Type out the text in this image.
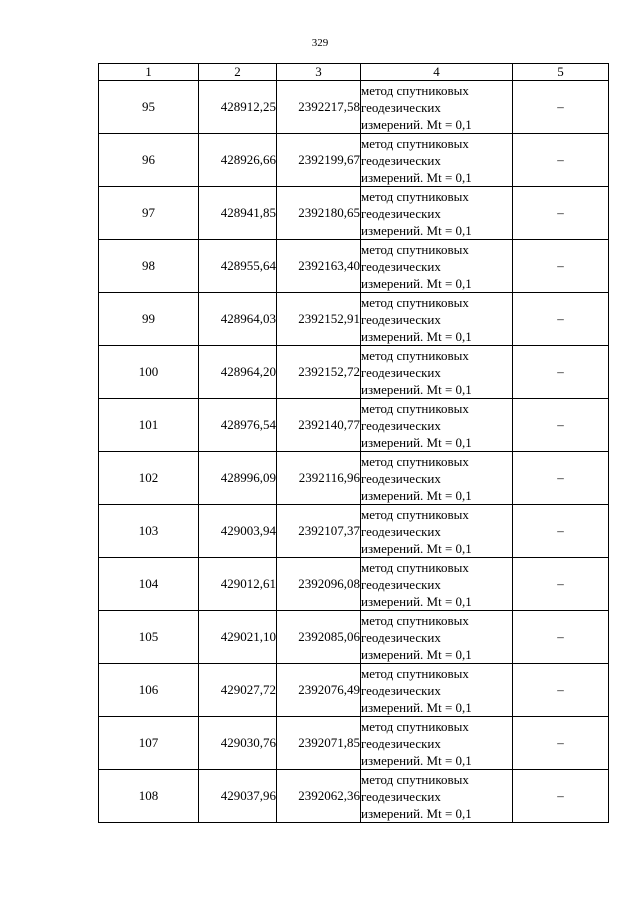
329
1	2	3	4	5
95	428912,25	2392217,58	метод спутниковых
геодезических
измерений. Mt = 0,1	–
96	428926,66	2392199,67	метод спутниковых
геодезических
измерений. Mt = 0,1	–
97	428941,85	2392180,65	метод спутниковых
геодезических
измерений. Mt = 0,1	–
98	428955,64	2392163,40	метод спутниковых
геодезических
измерений. Mt = 0,1	–
99	428964,03	2392152,91	метод спутниковых
геодезических
измерений. Mt = 0,1	–
100	428964,20	2392152,72	метод спутниковых
геодезических
измерений. Mt = 0,1	–
101	428976,54	2392140,77	метод спутниковых
геодезических
измерений. Mt = 0,1	–
102	428996,09	2392116,96	метод спутниковых
геодезических
измерений. Mt = 0,1	–
103	429003,94	2392107,37	метод спутниковых
геодезических
измерений. Mt = 0,1	–
104	429012,61	2392096,08	метод спутниковых
геодезических
измерений. Mt = 0,1	–
105	429021,10	2392085,06	метод спутниковых
геодезических
измерений. Mt = 0,1	–
106	429027,72	2392076,49	метод спутниковых
геодезических
измерений. Mt = 0,1	–
107	429030,76	2392071,85	метод спутниковых
геодезических
измерений. Mt = 0,1	–
108	429037,96	2392062,36	метод спутниковых
геодезических
измерений. Mt = 0,1	–
